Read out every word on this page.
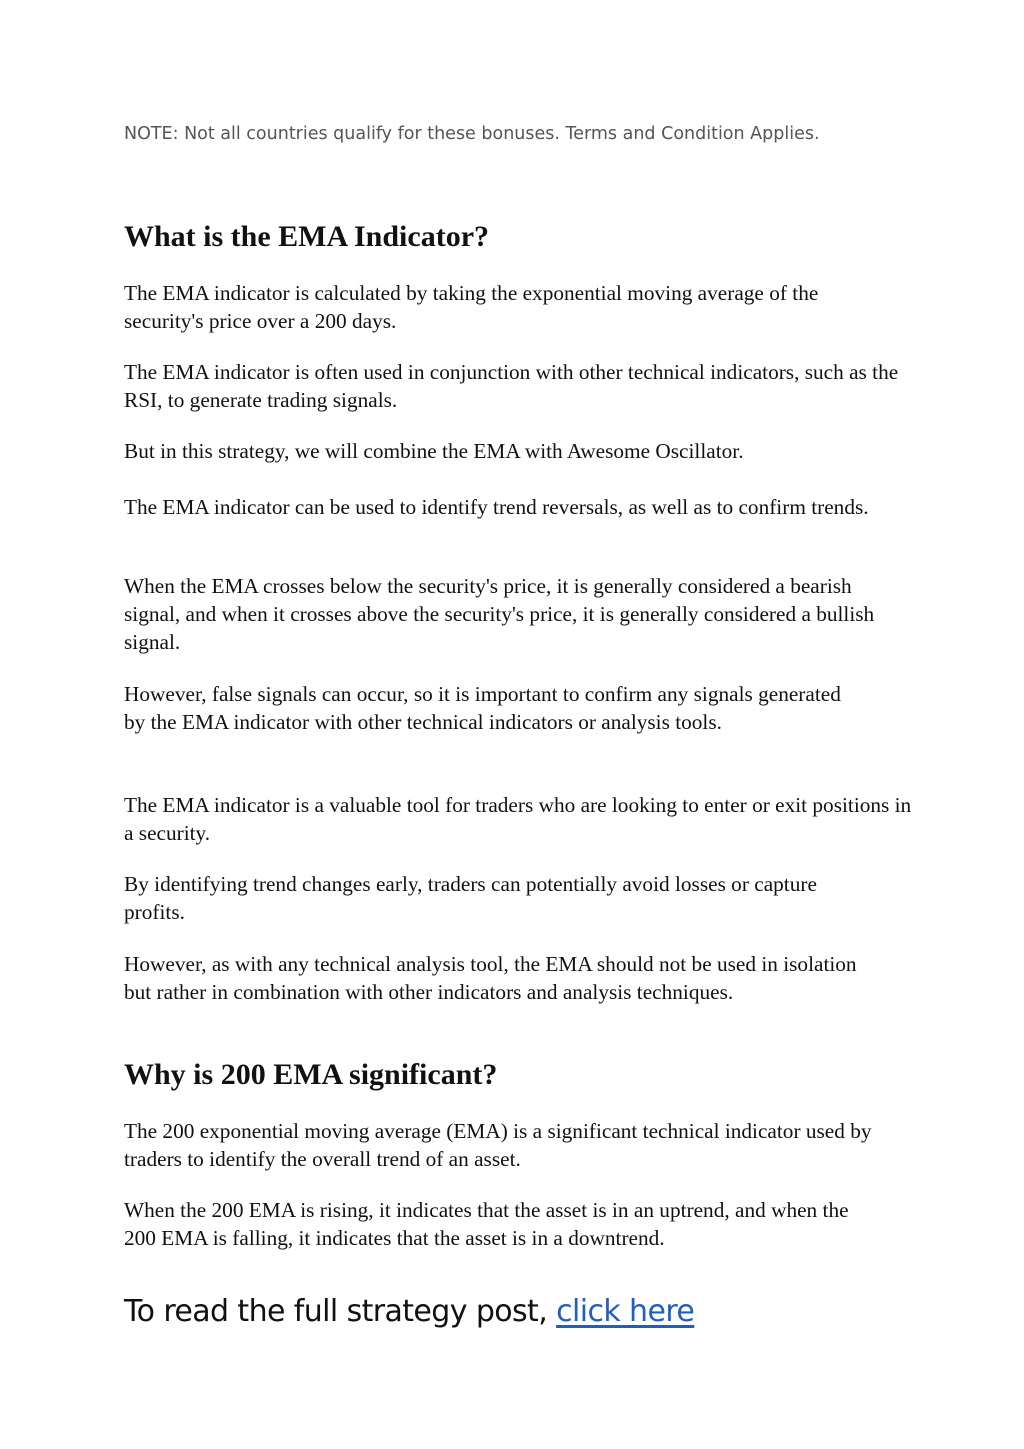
NOTE: Not all countries qualify for these bonuses. Terms and Condition Applies.
What is the EMA Indicator?

The EMA indicator is calculated by taking the exponential moving average of the security's price over a 200 days.

The EMA indicator is often used in conjunction with other technical indicators, such as the RSI, to generate trading signals.

But in this strategy, we will combine the EMA with Awesome Oscillator.

The EMA indicator can be used to identify trend reversals, as well as to confirm trends.

When the EMA crosses below the security's price, it is generally considered a bearish signal, and when it crosses above the security's price, it is generally considered a bullish signal.

However, false signals can occur, so it is important to confirm any signals generated by the EMA indicator with other technical indicators or analysis tools.

The EMA indicator is a valuable tool for traders who are looking to enter or exit positions in a security.

By identifying trend changes early, traders can potentially avoid losses or capture profits.

However, as with any technical analysis tool, the EMA should not be used in isolation but rather in combination with other indicators and analysis techniques.

Why is 200 EMA significant?

The 200 exponential moving average (EMA) is a significant technical indicator used by traders to identify the overall trend of an asset.

When the 200 EMA is rising, it indicates that the asset is in an uptrend, and when the 200 EMA is falling, it indicates that the asset is in a downtrend.

To read the full strategy post, click here
